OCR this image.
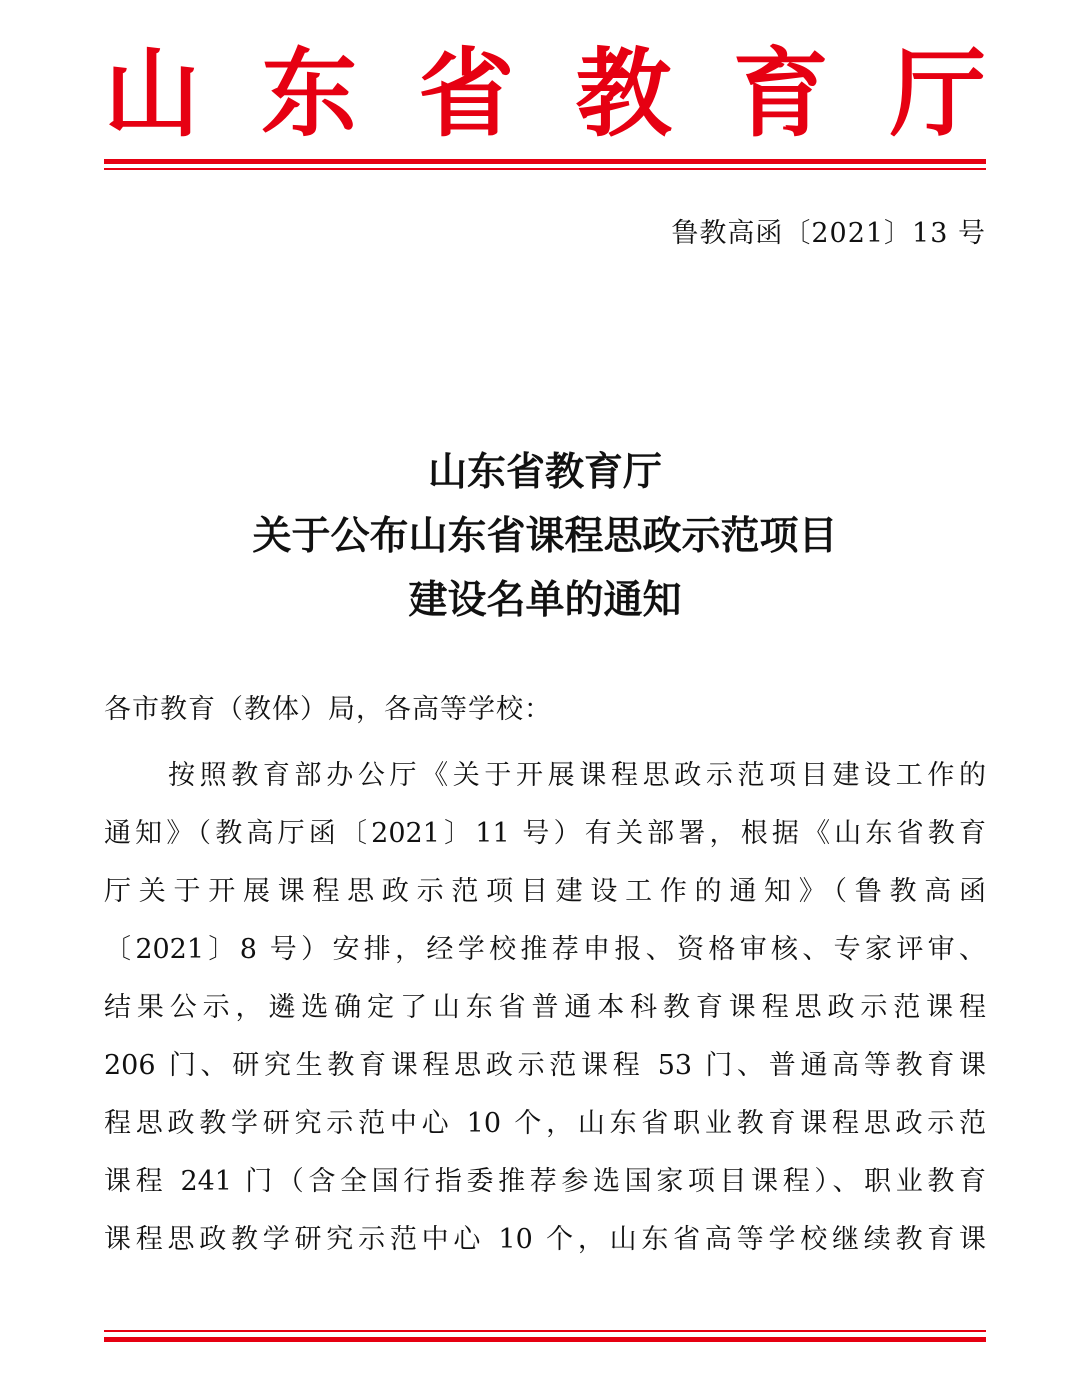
山 东 省 教 育 厅
鲁教高函〔2021〕13 号
山东省教育厅
关于公布山东省课程思政示范项目
建设名单的通知
各市教育（教体）局，各高等学校：
按照教育部办公厅《关于开展课程思政示范项目建设工作的
通知》（教高厅函〔2021〕11 号）有关部署，根据《山东省教育
厅关于开展课程思政示范项目建设工作的通知》（鲁教高函
〔2021〕8 号）安排，经学校推荐申报、资格审核、专家评审、
结果公示，遴选确定了山东省普通本科教育课程思政示范课程
206 门、研究生教育课程思政示范课程 53 门、普通高等教育课
程思政教学研究示范中心 10 个，山东省职业教育课程思政示范
课程 241 门（含全国行指委推荐参选国家项目课程）、职业教育
课程思政教学研究示范中心 10 个，山东省高等学校继续教育课
